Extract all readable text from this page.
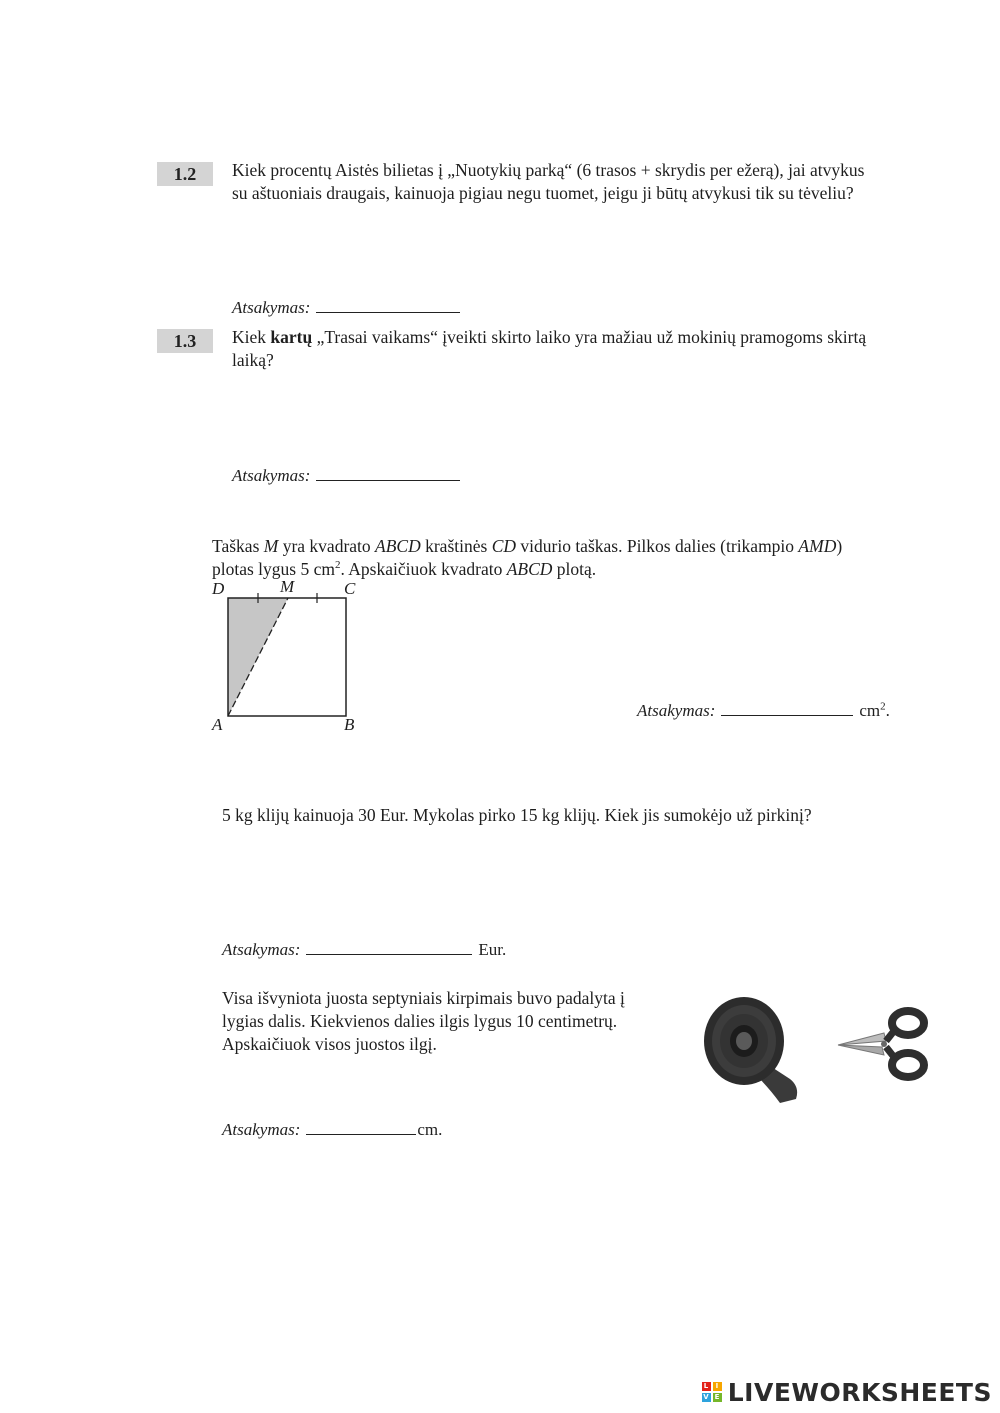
1.2	Kiek procentų Aistės bilietas į „Nuotykių parką“ (6 trasos + skrydis per ežerą), jai atvykus
su aštuoniais draugais, kainuoja pigiau negu tuomet, jeigu ji būtų atvykusi tik su tėveliu?
Atsakymas:
1.3	Kiek kartų „Trasai vaikams“ įveikti skirto laiko yra mažiau už mokinių pramogoms skirtą
laiką?
Atsakymas:
Taškas M yra kvadrato ABCD kraštinės CD vidurio taškas. Pilkos dalies (trikampio AMD)
plotas lygus 5 $cm^2$. Apskaičiuok kvadrato ABCD plotą.
D	M	C
A	B
Atsakymas:	$cm^2$.
5 kg klijų kainuoja 30 Eur. Mykolas pirko 15 kg klijų. Kiek jis sumokėjo už pirkinį?
Atsakymas:	Eur.
Visa išvyniota juosta septyniais kirpimais buvo padalyta į
lygias dalis. Kiekvienos dalies ilgis lygus 10 centimetrų.
Apskaičiuok visos juostos ilgį.
Atsakymas:	cm.
L I
V E LIVEWORKSHEETS
